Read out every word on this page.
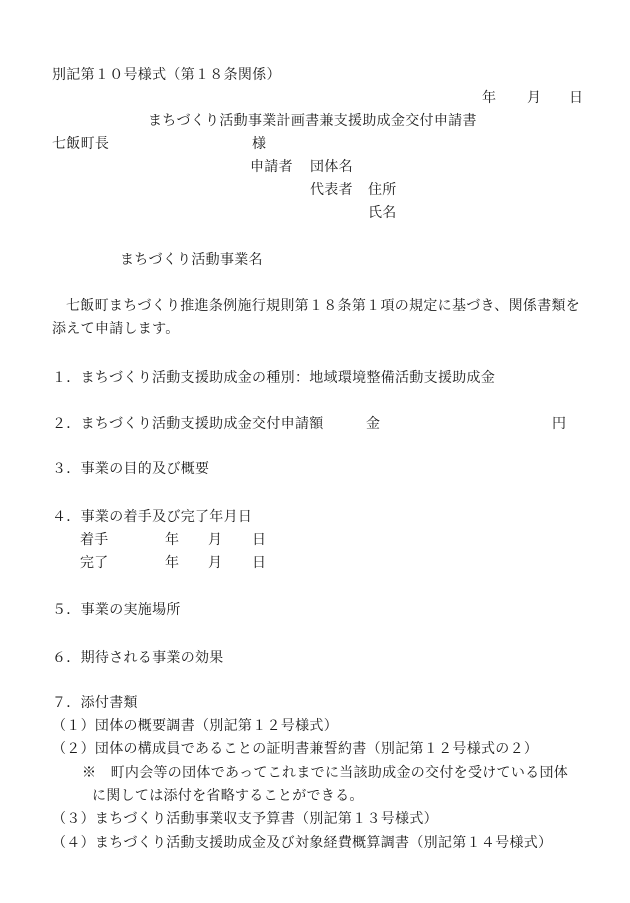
別記第１０号様式（第１８条関係）
年 月 日
まちづくり活動事業計画書兼支援助成金交付申請書
七飯町長	様
申請者 団体名
代表者 住所
氏名
まちづくり活動事業名
七飯町まちづくり推進条例施行規則第１８条第１項の規定に基づき、関係書類を
添えて申請します。
１．まちづくり活動支援助成金の種別：地域環境整備活動支援助成金
２．まちづくり活動支援助成金交付申請額	金	円
３．事業の目的及び概要
４．事業の着手及び完了年月日
着手	年 月 日
完了	年 月 日
５．事業の実施場所
６．期待される事業の効果
７．添付書類
（１）団体の概要調書（別記第１２号様式）
（２）団体の構成員であることの証明書兼誓約書（別記第１２号様式の２）
※　町内会等の団体であってこれまでに当該助成金の交付を受けている団体
に関しては添付を省略することができる。
（３）まちづくり活動事業収支予算書（別記第１３号様式）
（４）まちづくり活動支援助成金及び対象経費概算調書（別記第１４号様式）
